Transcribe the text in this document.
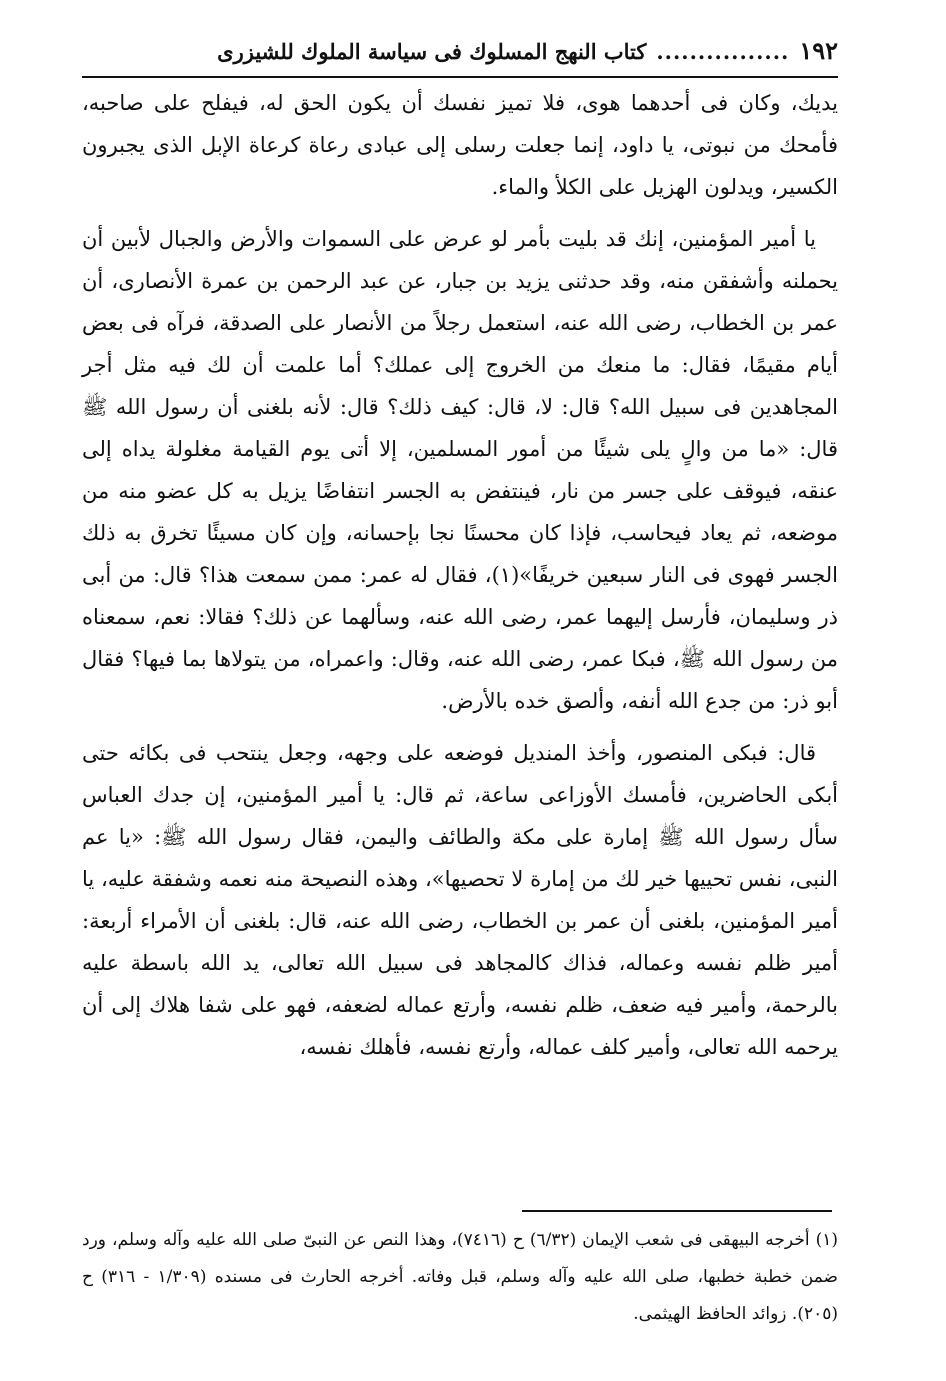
١٩٢
................
كتاب النهج المسلوك فى سياسة الملوك للشيزرى

يديك، وكان فى أحدهما هوى، فلا تميز نفسك أن يكون الحق له، فيفلح على صاحبه، فأمحك من نبوتى، يا داود، إنما جعلت رسلى إلى عبادى رعاة كرعاة الإبل الذى يجبرون الكسير، ويدلون الهزيل على الكلأ والماء.

يا أمير المؤمنين، إنك قد بليت بأمر لو عرض على السموات والأرض والجبال لأبين أن يحملنه وأشفقن منه، وقد حدثنى يزيد بن جبار، عن عبد الرحمن بن عمرة الأنصارى، أن عمر بن الخطاب، رضى الله عنه، استعمل رجلاً من الأنصار على الصدقة، فرآه فى بعض أيام مقيمًا، فقال: ما منعك من الخروج إلى عملك؟ أما علمت أن لك فيه مثل أجر المجاهدين فى سبيل الله؟ قال: لا، قال: كيف ذلك؟ قال: لأنه بلغنى أن رسول الله ﷺ قال: «ما من والٍ يلى شيئًا من أمور المسلمين، إلا أتى يوم القيامة مغلولة يداه إلى عنقه، فيوقف على جسر من نار، فينتفض به الجسر انتفاضًا يزيل به كل عضو منه من موضعه، ثم يعاد فيحاسب، فإذا كان محسنًا نجا بإحسانه، وإن كان مسيئًا تخرق به ذلك الجسر فهوى فى النار سبعين خريفًا»(١)، فقال له عمر: ممن سمعت هذا؟ قال: من أبى ذر وسليمان، فأرسل إليهما عمر، رضى الله عنه، وسألهما عن ذلك؟ فقالا: نعم، سمعناه من رسول الله ﷺ، فبكا عمر، رضى الله عنه، وقال: واعمراه، من يتولاها بما فيها؟ فقال أبو ذر: من جدع الله أنفه، وألصق خده بالأرض.

قال: فبكى المنصور، وأخذ المنديل فوضعه على وجهه، وجعل ينتحب فى بكائه حتى أبكى الحاضرين، فأمسك الأوزاعى ساعة، ثم قال: يا أمير المؤمنين، إن جدك العباس سأل رسول الله ﷺ إمارة على مكة والطائف واليمن، فقال رسول الله ﷺ: «يا عم النبى، نفس تحييها خير لك من إمارة لا تحصيها»، وهذه النصيحة منه نعمه وشفقة عليه، يا أمير المؤمنين، بلغنى أن عمر بن الخطاب، رضى الله عنه، قال: بلغنى أن الأمراء أربعة: أمير ظلم نفسه وعماله، فذاك كالمجاهد فى سبيل الله تعالى، يد الله باسطة عليه بالرحمة، وأمير فيه ضعف، ظلم نفسه، وأرتع عماله لضعفه، فهو على شفا هلاك إلى أن يرحمه الله تعالى، وأمير كلف عماله، وأرتع نفسه، فأهلك نفسه،

(١) أخرجه البيهقى فى شعب الإيمان (٦/٣٢) ح (٧٤١٦)، وهذا النص عن النبىّ صلى الله عليه وآله وسلم، ورد ضمن خطبة خطبها، صلى الله عليه وآله وسلم، قبل وفاته. أخرجه الحارث فى مسنده (١/٣٠٩ - ٣١٦) ح (٢٠٥). زوائد الحافظ الهيثمى.
